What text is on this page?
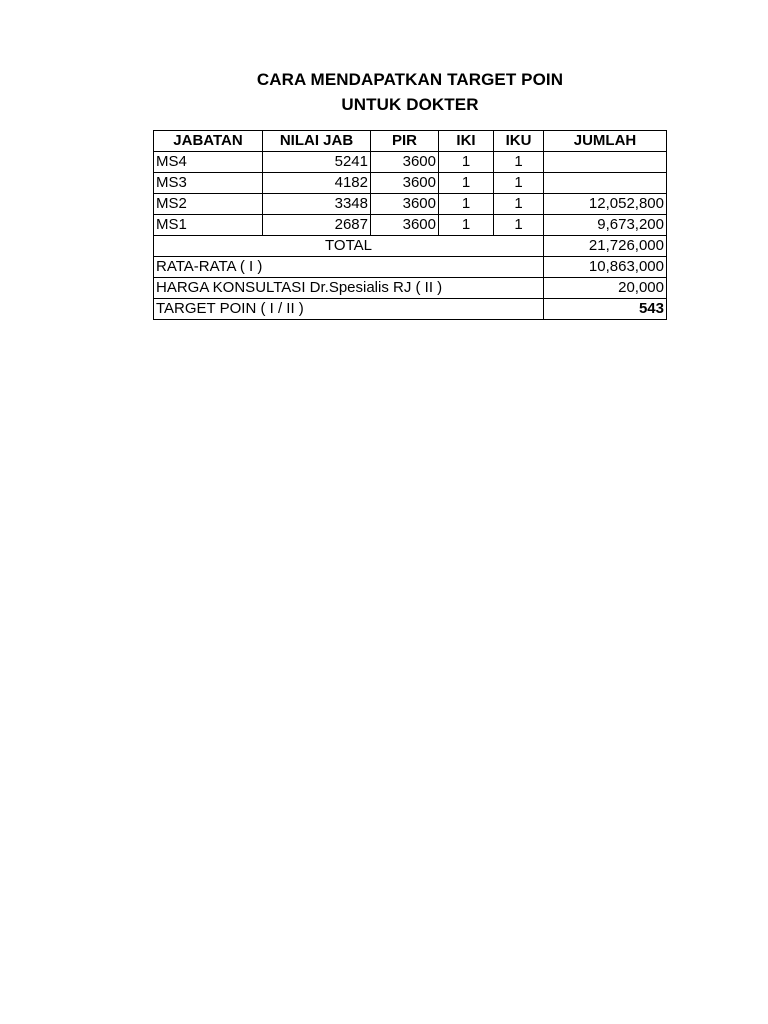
CARA MENDAPATKAN TARGET POIN
UNTUK DOKTER
JABATAN	NILAI JAB	PIR	IKI	IKU	JUMLAH
MS4	5241	3600	1	1	
MS3	4182	3600	1	1	
MS2	3348	3600	1	1	12,052,800
MS1	2687	3600	1	1	9,673,200
TOTAL					21,726,000
RATA-RATA ( I )					10,863,000
HARGA KONSULTASI Dr.Spesialis RJ ( II )					20,000
TARGET POIN ( I / II )					543
